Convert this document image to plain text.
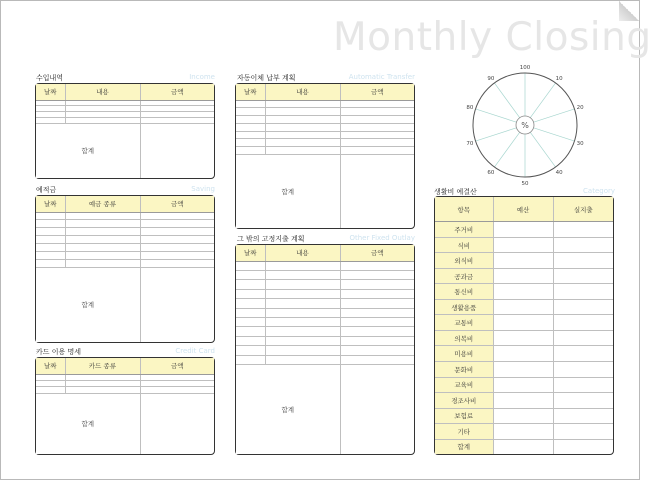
Monthly Closing
수입내역	Income
날짜	내용	금액

합계		
예적금	Saving
날짜	예금 종류	금액

합계		
카드 이용 명세	Credit Card
날짜	카드 종류	금액

합계		
자동이체 납부 계획	Automatic Transfer
날짜	내용	금액

합계		
그 밖의 고정지출 계획	Other Fixed Outlay
날짜	내용	금액

합계		
%
100
10
20
30
40
50
60
70
80
90
생활비 예결산	Category
항목	예산	실지출
주거비		
식비		
외식비		
공과금		
통신비		
생활용품		
교통비		
의복비		
미용비		
문화비		
교육비		
경조사비		
보험료		
기타		
합계		
